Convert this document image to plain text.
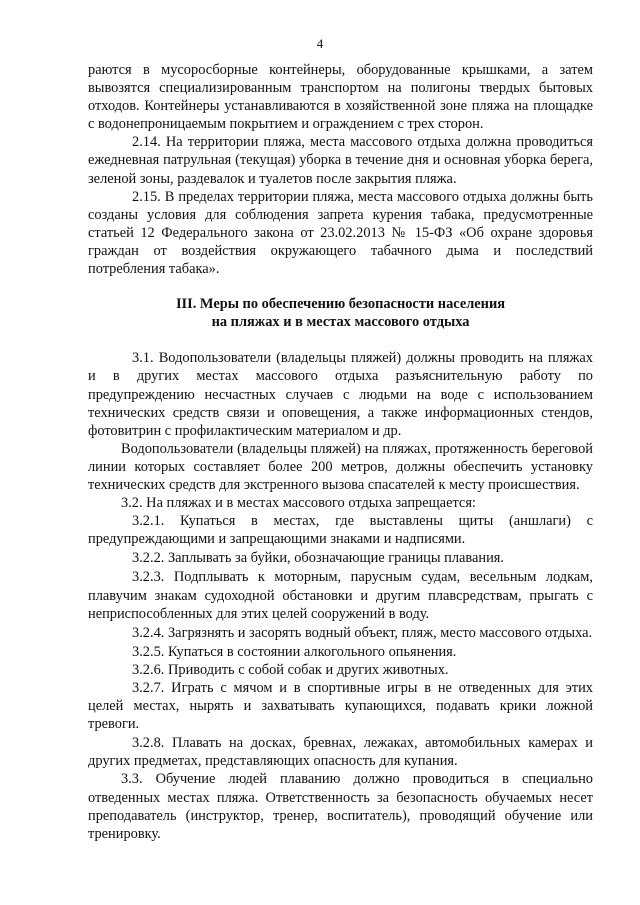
4

раются в мусоросборные контейнеры, оборудованные крышками, а затем вывозятся специализированным транспортом на полигоны твердых бытовых отходов. Контейнеры устанавливаются в хозяйственной зоне пляжа на площадке с водонепроницаемым покрытием и ограждением с трех сторон.

2.14. На территории пляжа, места массового отдыха должна проводиться ежедневная патрульная (текущая) уборка в течение дня и основная уборка берега, зеленой зоны, раздевалок и туалетов после закрытия пляжа.

2.15. В пределах территории пляжа, места массового отдыха должны быть созданы условия для соблюдения запрета курения табака, предусмотренные статьей 12 Федерального закона от 23.02.2013 № 15-ФЗ «Об охране здоровья граждан от воздействия окружающего табачного дыма и последствий потребления табака».

III. Меры по обеспечению безопасности населения
на пляжах и в местах массового отдыха

3.1. Водопользователи (владельцы пляжей) должны проводить на пляжах и в других местах массового отдыха разъяснительную работу по предупреждению несчастных случаев с людьми на воде с использованием технических средств связи и оповещения, а также информационных стендов, фотовитрин с профилактическим материалом и др.

Водопользователи (владельцы пляжей) на пляжах, протяженность береговой линии которых составляет более 200 метров, должны обеспечить установку технических средств для экстренного вызова спасателей к месту происшествия.

3.2. На пляжах и в местах массового отдыха запрещается:

3.2.1. Купаться в местах, где выставлены щиты (аншлаги) с предупреждающими и запрещающими знаками и надписями.

3.2.2. Заплывать за буйки, обозначающие границы плавания.

3.2.3. Подплывать к моторным, парусным судам, весельным лодкам, плавучим знакам судоходной обстановки и другим плавсредствам, прыгать с неприспособленных для этих целей сооружений в воду.

3.2.4. Загрязнять и засорять водный объект, пляж, место массового отдыха.

3.2.5. Купаться в состоянии алкогольного опьянения.

3.2.6. Приводить с собой собак и других животных.

3.2.7. Играть с мячом и в спортивные игры в не отведенных для этих целей местах, нырять и захватывать купающихся, подавать крики ложной тревоги.

3.2.8. Плавать на досках, бревнах, лежаках, автомобильных камерах и других предметах, представляющих опасность для купания.

3.3. Обучение людей плаванию должно проводиться в специально отведенных местах пляжа. Ответственность за безопасность обучаемых несет преподаватель (инструктор, тренер, воспитатель), проводящий обучение или тренировку.
